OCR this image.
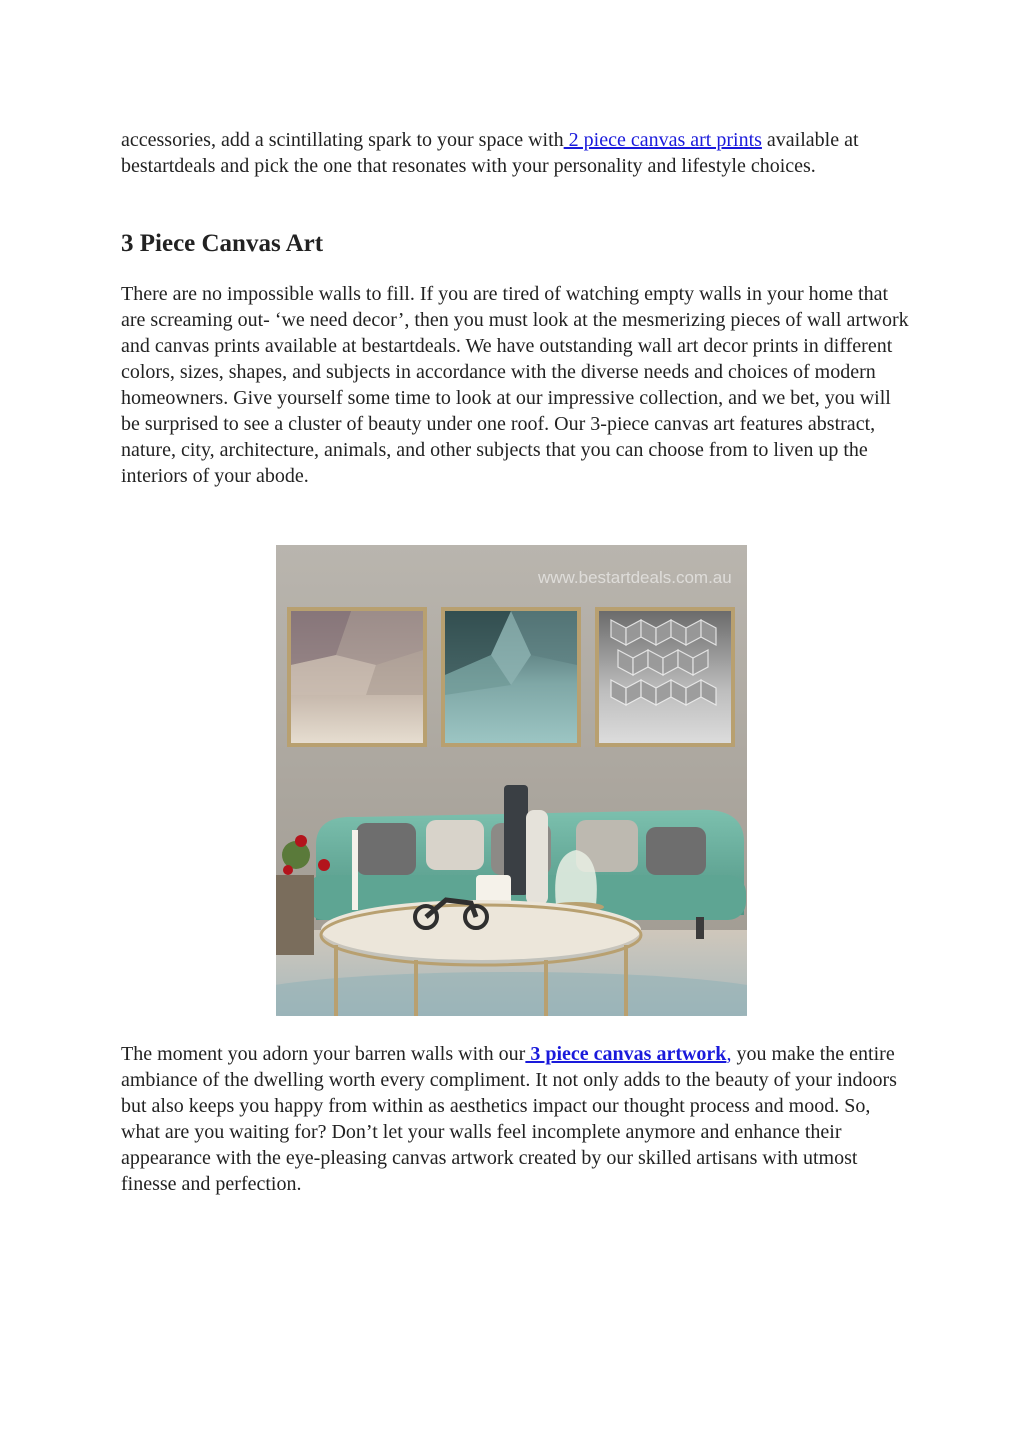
accessories, add a scintillating spark to your space with 2 piece canvas art prints available at bestartdeals and pick the one that resonates with your personality and lifestyle choices.

3 Piece Canvas Art

There are no impossible walls to fill. If you are tired of watching empty walls in your home that are screaming out- ‘we need decor’, then you must look at the mesmerizing pieces of wall artwork and canvas prints available at bestartdeals. We have outstanding wall art decor prints in different colors, sizes, shapes, and subjects in accordance with the diverse needs and choices of modern homeowners. Give yourself some time to look at our impressive collection, and we bet, you will be surprised to see a cluster of beauty under one roof. Our 3-piece canvas art features abstract, nature, city, architecture, animals, and other subjects that you can choose from to liven up the interiors of your abode.

www.bestartdeals.com.au

The moment you adorn your barren walls with our 3 piece canvas artwork, you make the entire ambiance of the dwelling worth every compliment. It not only adds to the beauty of your indoors but also keeps you happy from within as aesthetics impact our thought process and mood. So, what are you waiting for? Don’t let your walls feel incomplete anymore and enhance their appearance with the eye-pleasing canvas artwork created by our skilled artisans with utmost finesse and perfection.
